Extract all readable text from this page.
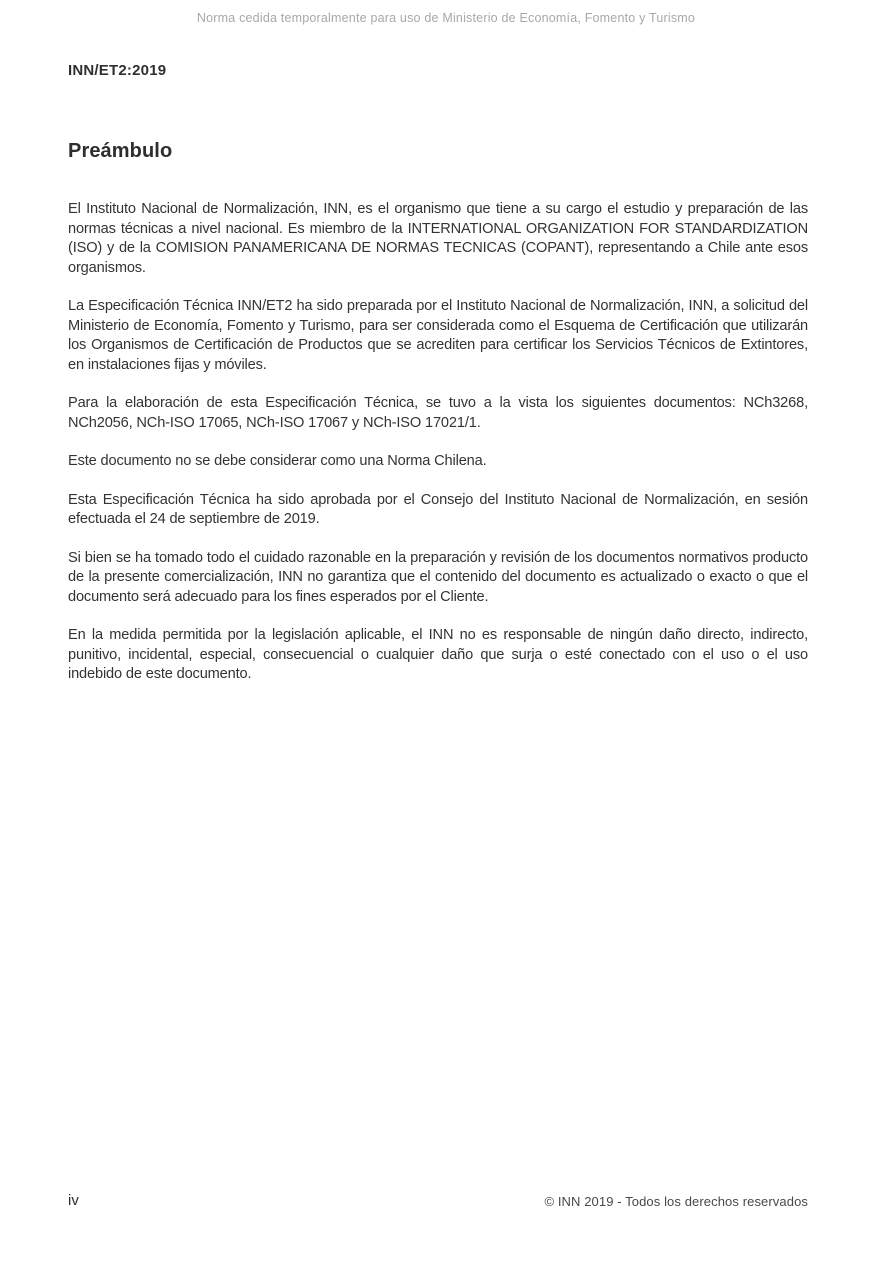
Norma cedida temporalmente para uso de Ministerio de Economía, Fomento y Turismo
INN/ET2:2019
Preámbulo

El Instituto Nacional de Normalización, INN, es el organismo que tiene a su cargo el estudio y preparación de las normas técnicas a nivel nacional. Es miembro de la INTERNATIONAL ORGANIZATION FOR STANDARDIZATION (ISO) y de la COMISION PANAMERICANA DE NORMAS TECNICAS (COPANT), representando a Chile ante esos organismos.

La Especificación Técnica INN/ET2 ha sido preparada por el Instituto Nacional de Normalización, INN, a solicitud del Ministerio de Economía, Fomento y Turismo, para ser considerada como el Esquema de Certificación que utilizarán los Organismos de Certificación de Productos que se acrediten para certificar los Servicios Técnicos de Extintores, en instalaciones fijas y móviles.

Para la elaboración de esta Especificación Técnica, se tuvo a la vista los siguientes documentos: NCh3268, NCh2056, NCh-ISO 17065, NCh-ISO 17067 y NCh-ISO 17021/1.

Este documento no se debe considerar como una Norma Chilena.

Esta Especificación Técnica ha sido aprobada por el Consejo del Instituto Nacional de Normalización, en sesión efectuada el 24 de septiembre de 2019.

Si bien se ha tomado todo el cuidado razonable en la preparación y revisión de los documentos normativos producto de la presente comercialización, INN no garantiza que el contenido del documento es actualizado o exacto o que el documento será adecuado para los fines esperados por el Cliente.

En la medida permitida por la legislación aplicable, el INN no es responsable de ningún daño directo, indirecto, punitivo, incidental, especial, consecuencial o cualquier daño que surja o esté conectado con el uso o el uso indebido de este documento.

iv	© INN 2019 - Todos los derechos reservados
